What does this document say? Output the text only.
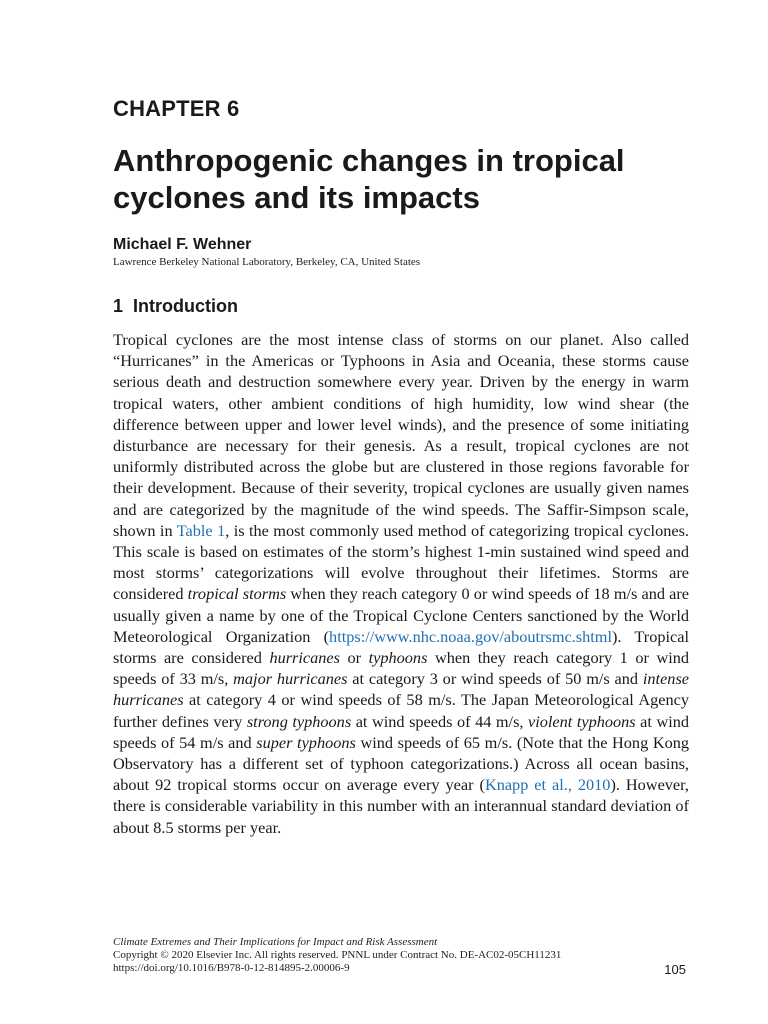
CHAPTER 6
Anthropogenic changes in tropical cyclones and its impacts
Michael F. Wehner
Lawrence Berkeley National Laboratory, Berkeley, CA, United States
1 Introduction

Tropical cyclones are the most intense class of storms on our planet. Also called “Hurricanes” in the Americas or Typhoons in Asia and Oceania, these storms cause serious death and destruction somewhere every year. Driven by the energy in warm tropical waters, other ambient conditions of high humidity, low wind shear (the difference between upper and lower level winds), and the presence of some initiating disturbance are necessary for their genesis. As a result, tropical cyclones are not uniformly distributed across the globe but are clustered in those regions favorable for their development. Because of their severity, tropical cyclones are usually given names and are categorized by the magnitude of the wind speeds. The Saffir-Simpson scale, shown in Table 1, is the most commonly used method of categorizing tropical cyclones. This scale is based on estimates of the storm’s highest 1-min sustained wind speed and most storms’ categorizations will evolve throughout their lifetimes. Storms are considered tropical storms when they reach category 0 or wind speeds of 18 m/s and are usually given a name by one of the Tropical Cyclone Centers sanctioned by the World Meteorological Organization (https://www.nhc.noaa.gov/aboutrsmc.shtml). Tropical storms are considered hurricanes or typhoons when they reach category 1 or wind speeds of 33 m/s, major hurricanes at category 3 or wind speeds of 50 m/s and intense hurricanes at category 4 or wind speeds of 58 m/s. The Japan Meteorological Agency further defines very strong typhoons at wind speeds of 44 m/s, violent typhoons at wind speeds of 54 m/s and super typhoons wind speeds of 65 m/s. (Note that the Hong Kong Observatory has a different set of typhoon categorizations.) Across all ocean basins, about 92 tropical storms occur on average every year (Knapp et al., 2010). However, there is considerable variability in this number with an interannual standard deviation of about 8.5 storms per year.

Climate Extremes and Their Implications for Impact and Risk Assessment
Copyright © 2020 Elsevier Inc. All rights reserved. PNNL under Contract No. DE-AC02-05CH11231
https://doi.org/10.1016/B978-0-12-814895-2.00006-9	105
